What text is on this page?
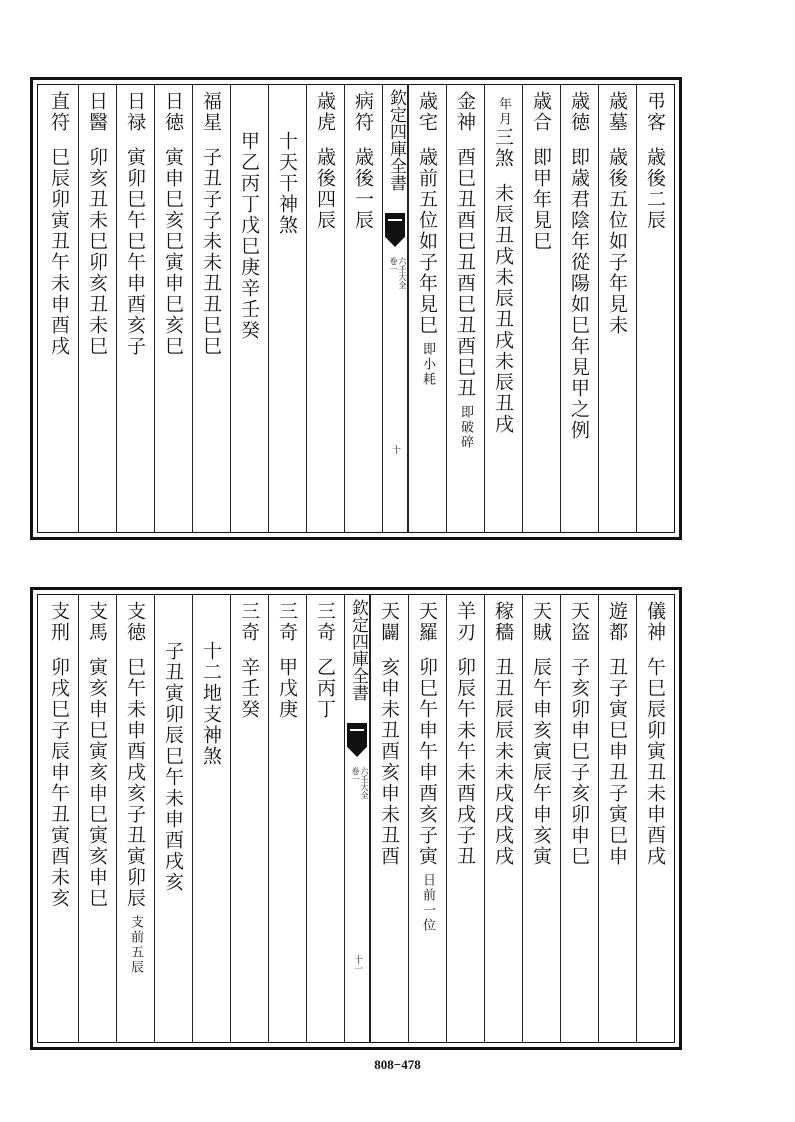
弔客歳後二辰
歳墓歳後五位如子年見未
歳徳即歳君陰年從陽如巳年見甲之例
歳合即甲年見巳
年月三煞未辰丑戌未辰丑戌未辰丑戌
金神酉巳丑酉巳丑酉巳丑酉巳丑即破碎
歳宅歳前五位如子年見巳即小耗
病符歳後一辰
歳虎歳後四辰
十天干神煞
甲乙丙丁戊巳庚辛壬癸
福星子丑子子未未丑丑巳巳
日徳寅申巳亥巳寅申巳亥巳
日禄寅卯巳午巳午申酉亥子
日醫卯亥丑未巳卯亥丑未巳
直符巳辰卯寅丑午未申酉戌
欽定四庫全書
六壬大全
卷一
十
儀神午巳辰卯寅丑未申酉戌
遊都丑子寅巳申丑子寅巳申
天盗子亥卯申巳子亥卯申巳
天賊辰午申亥寅辰午申亥寅
稼穡丑丑辰辰未未戌戌戌戌
羊刃卯辰午未午未酉戌子丑
天羅卯巳午申午申酉亥子寅日前一位
天闢亥申未丑酉亥申未丑酉
三奇乙丙丁
三奇甲戊庚
三奇辛壬癸
十二地支神煞
子丑寅卯辰巳午未申酉戌亥
支徳巳午未申酉戌亥子丑寅卯辰支前五辰
支馬寅亥申巳寅亥申巳寅亥申巳
支刑卯戌巳子辰申午丑寅酉未亥
欽定四庫全書
六壬大全
卷一
十一
808−478
